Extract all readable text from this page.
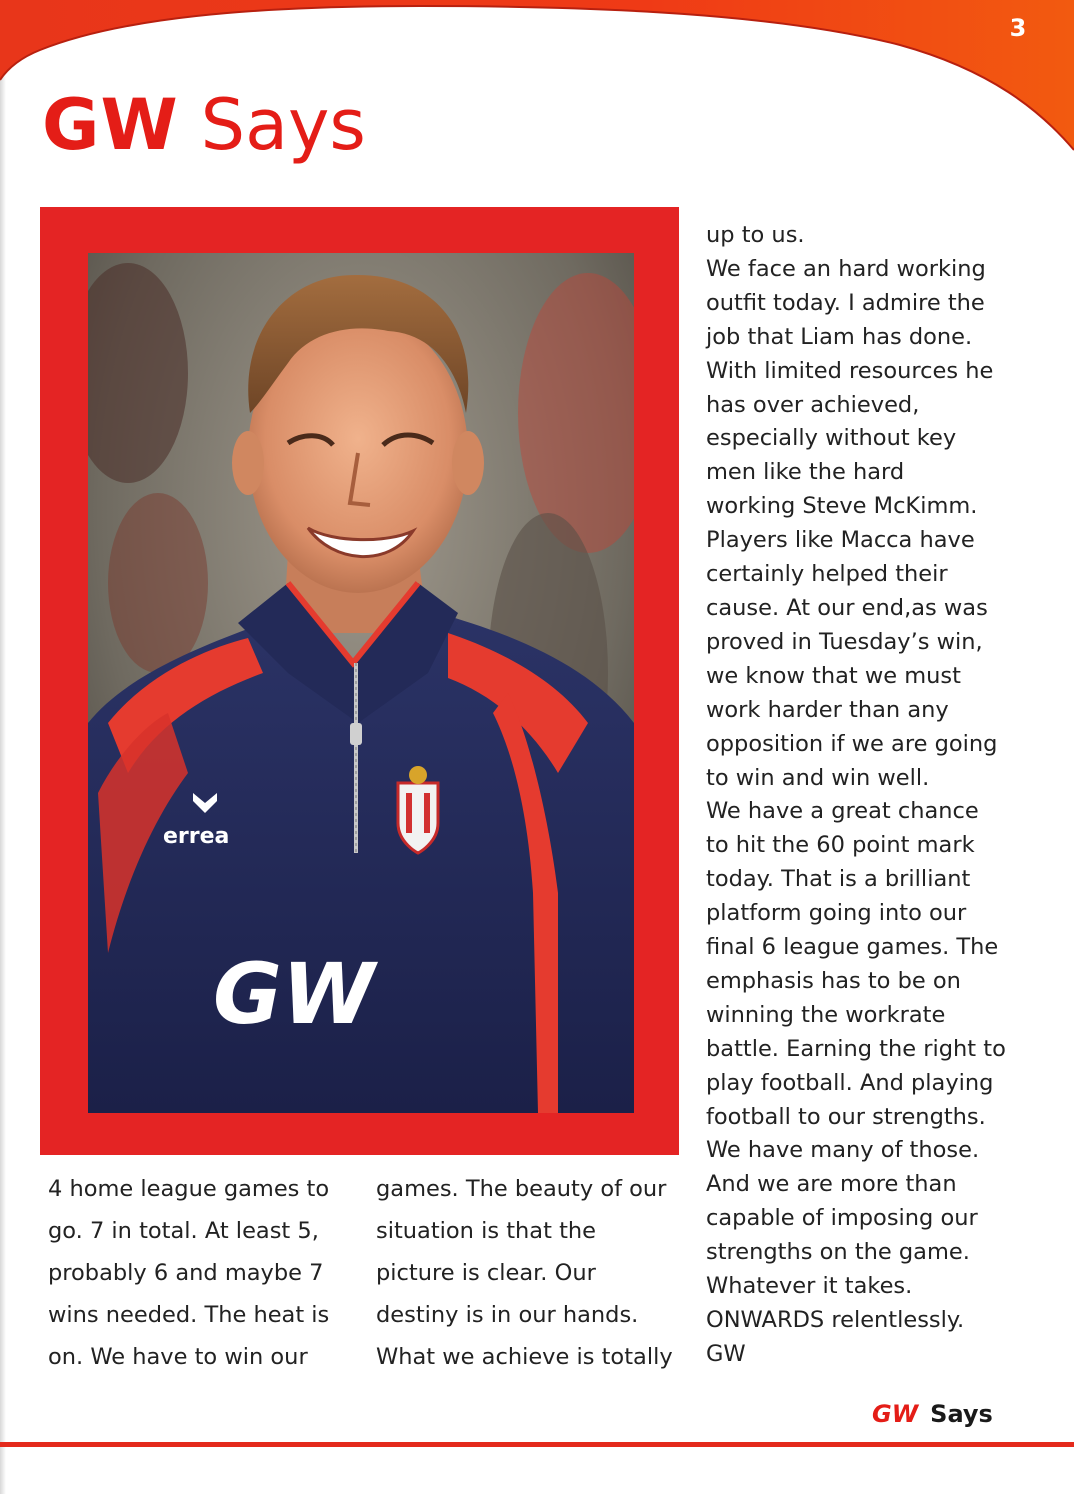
3
GW Says
errea
GW
4 home league games to
go. 7 in total. At least 5,
probably 6 and maybe 7
wins needed. The heat is
on. We have to win our
games. The beauty of our
situation is that the
picture is clear. Our
destiny is in our hands.
What we achieve is totally
up to us.
We face an hard working
outfit today. I admire the
job that Liam has done.
With limited resources he
has over achieved,
especially without key
men like the hard
working Steve McKimm.
Players like Macca have
certainly helped their
cause. At our end,as was
proved in Tuesday’s win,
we know that we must
work harder than any
opposition if we are going
to win and win well.
We have a great chance
to hit the 60 point mark
today. That is a brilliant
platform going into our
final 6 league games. The
emphasis has to be on
winning the workrate
battle. Earning the right to
play football. And playing
football to our strengths.
We have many of those.
And we are more than
capable of imposing our
strengths on the game.
Whatever it takes.
ONWARDS relentlessly.
GW
GW Says
